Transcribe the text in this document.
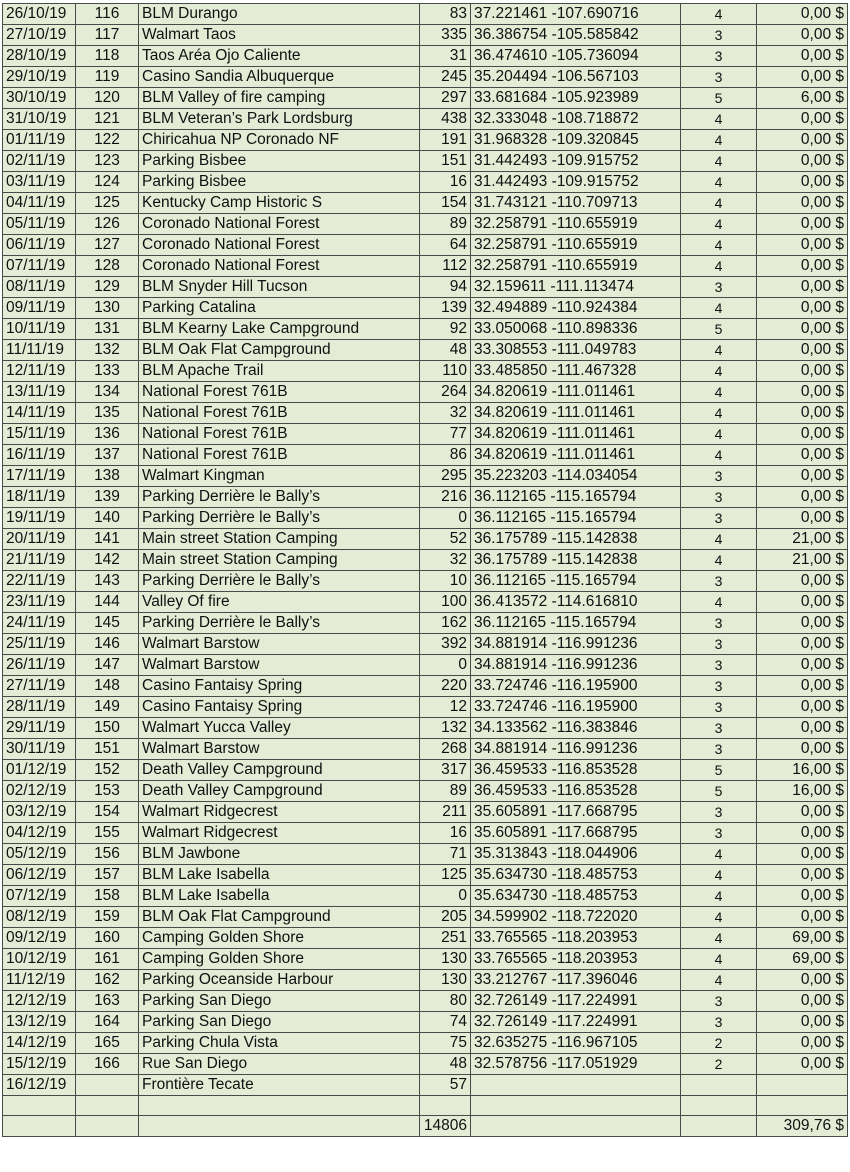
26/10/19	116	BLM Durango	83	37.221461 -107.690716	4	0,00 $
27/10/19	117	Walmart Taos	335	36.386754 -105.585842	3	0,00 $
28/10/19	118	Taos Aréa Ojo Caliente	31	36.474610 -105.736094	3	0,00 $
29/10/19	119	Casino Sandia Albuquerque	245	35.204494 -106.567103	3	0,00 $
30/10/19	120	BLM Valley of fire camping	297	33.681684 -105.923989	5	6,00 $
31/10/19	121	BLM Veteran’s Park Lordsburg	438	32.333048 -108.718872	4	0,00 $
01/11/19	122	Chiricahua NP Coronado NF	191	31.968328 -109.320845	4	0,00 $
02/11/19	123	Parking Bisbee	151	31.442493 -109.915752	4	0,00 $
03/11/19	124	Parking Bisbee	16	31.442493 -109.915752	4	0,00 $
04/11/19	125	Kentucky Camp Historic S	154	31.743121 -110.709713	4	0,00 $
05/11/19	126	Coronado National Forest	89	32.258791 -110.655919	4	0,00 $
06/11/19	127	Coronado National Forest	64	32.258791 -110.655919	4	0,00 $
07/11/19	128	Coronado National Forest	112	32.258791 -110.655919	4	0,00 $
08/11/19	129	BLM Snyder Hill Tucson	94	32.159611 -111.113474	3	0,00 $
09/11/19	130	Parking Catalina	139	32.494889 -110.924384	4	0,00 $
10/11/19	131	BLM Kearny Lake Campground	92	33.050068 -110.898336	5	0,00 $
11/11/19	132	BLM Oak Flat Campground	48	33.308553 -111.049783	4	0,00 $
12/11/19	133	BLM Apache Trail	110	33.485850 -111.467328	4	0,00 $
13/11/19	134	National Forest 761B	264	34.820619 -111.011461	4	0,00 $
14/11/19	135	National Forest 761B	32	34.820619 -111.011461	4	0,00 $
15/11/19	136	National Forest 761B	77	34.820619 -111.011461	4	0,00 $
16/11/19	137	National Forest 761B	86	34.820619 -111.011461	4	0,00 $
17/11/19	138	Walmart Kingman	295	35.223203 -114.034054	3	0,00 $
18/11/19	139	Parking Derrière le Bally’s	216	36.112165 -115.165794	3	0,00 $
19/11/19	140	Parking Derrière le Bally’s	0	36.112165 -115.165794	3	0,00 $
20/11/19	141	Main street Station Camping	52	36.175789 -115.142838	4	21,00 $
21/11/19	142	Main street Station Camping	32	36.175789 -115.142838	4	21,00 $
22/11/19	143	Parking Derrière le Bally’s	10	36.112165 -115.165794	3	0,00 $
23/11/19	144	Valley Of fire	100	36.413572 -114.616810	4	0,00 $
24/11/19	145	Parking Derrière le Bally’s	162	36.112165 -115.165794	3	0,00 $
25/11/19	146	Walmart Barstow	392	34.881914 -116.991236	3	0,00 $
26/11/19	147	Walmart Barstow	0	34.881914 -116.991236	3	0,00 $
27/11/19	148	Casino Fantaisy Spring	220	33.724746 -116.195900	3	0,00 $
28/11/19	149	Casino Fantaisy Spring	12	33.724746 -116.195900	3	0,00 $
29/11/19	150	Walmart Yucca Valley	132	34.133562 -116.383846	3	0,00 $
30/11/19	151	Walmart Barstow	268	34.881914 -116.991236	3	0,00 $
01/12/19	152	Death Valley Campground	317	36.459533 -116.853528	5	16,00 $
02/12/19	153	Death Valley Campground	89	36.459533 -116.853528	5	16,00 $
03/12/19	154	Walmart Ridgecrest	211	35.605891 -117.668795	3	0,00 $
04/12/19	155	Walmart Ridgecrest	16	35.605891 -117.668795	3	0,00 $
05/12/19	156	BLM Jawbone	71	35.313843 -118.044906	4	0,00 $
06/12/19	157	BLM Lake Isabella	125	35.634730 -118.485753	4	0,00 $
07/12/19	158	BLM Lake Isabella	0	35.634730 -118.485753	4	0,00 $
08/12/19	159	BLM Oak Flat Campground	205	34.599902 -118.722020	4	0,00 $
09/12/19	160	Camping Golden Shore	251	33.765565 -118.203953	4	69,00 $
10/12/19	161	Camping Golden Shore	130	33.765565 -118.203953	4	69,00 $
11/12/19	162	Parking Oceanside Harbour	130	33.212767 -117.396046	4	0,00 $
12/12/19	163	Parking San Diego	80	32.726149 -117.224991	3	0,00 $
13/12/19	164	Parking San Diego	74	32.726149 -117.224991	3	0,00 $
14/12/19	165	Parking Chula Vista	75	32.635275 -116.967105	2	0,00 $
15/12/19	166	Rue San Diego	48	32.578756 -117.051929	2	0,00 $
16/12/19		Frontière Tecate	57			

			14806			309,76 $
